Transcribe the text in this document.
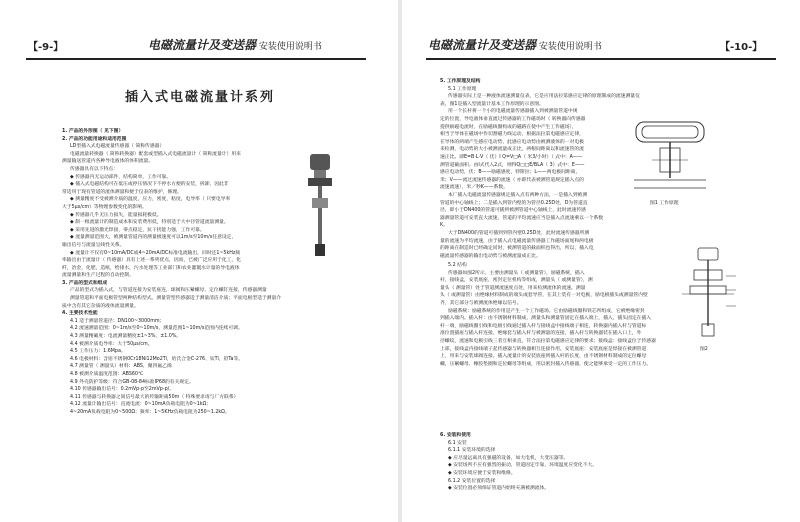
【-9-】	电磁流量计及变送器 安装使用说明书
插入式电磁流量计系列

1. 产品的外形图（ 见下图）

2. 产品的功能用途和适用范围

LD型插入式电磁流量传感器（ 简称传感器）

电磁流量转换器（ 简称转换器）配套或型插入式电磁流量计（ 简称流量计）用来

测量输送管道内各种导电液体的体积流量。

传感器具有以下特点：

◆ 传感器内无运动部件，结构简单，工作可靠。

◆ 插入式电磁结构可在低压或停压情况下不停水方便的安装，拆卸，因此非

常适用于现有管道的流体测量和便于仪表的维护，修理。

◆ 测量精度不受被测介质的温度，压力，密度，粘度，电导率（ 只要电导率

大于5μs/cm）等物理参数变化的影响。

◆ 传感器几乎无压力损失，能量损耗极低。

◆ 制一根流量计的制造成本和安装费用低，特别适于大中径管道流量测量。

◆ 采用先进的激光焊接，零点稳定，抗干扰能力强，工作可靠。

◆ 流量测量范围大，被测量管道内的测量极速度可以1m/s至10m/s任意设定，

输出信号与流量呈线性关系。

◆ 流量计不仅有0~10mA/DC或4~20mA/DC标准电流输出，同时还1~5kHz频

率输出由于流量计（ 传感器）具有上述一系列优点，因而，已被广泛应用于化工，化

纤，冶金，化肥，造纸，给排水，污水处理等工业部门和农业灌溉水计量的导电液体

流量测量和生产过程的自动控制。

3. 产品的型式和组成

产品的型式为插入式，与管道连接为安装座连，球阀和压紧螺母，定位螺钉连接，传感器测量

测量管道和平面电极管型两种结构型式。测量管型传感器适于测量清洁介质；平面电极型适于测量介

质中含有其它杂质的液体流量测量。

4. 主要技术性能

4.1 适于测量管道径：DN100~3000mm；

4.2 流速测量范围：0~1m/s至0~10m/s，测量范围1~10m/s范围内连续可调。

4.3 测量精确度：电流测量精度±1~3%，±1.0%。

4.4 被测介质电导率：大于50μs/cm。

4.5 工作压力：1.6Mpa。

4.6 电极材料：含钼不锈钢0Cr18Ni12Mo2Ti，哈氏合金C-276、钛Ti，钽Ta等。

4.7 测量管（ 测量头）材料：ABS，聚四氟乙烯

4.8 被测介质温度范围：ABS60℃

4.9 外壳防护等级：符合GB-08-84标准IP68的有关规定。

4.10 传感器输出信号：0.2mVp-p至2mVp-p/。

4.11 传感器与转换器之间信号最大的传输距离50m（ 特殊要求请与厂方联系）

4.12 流量计输出信号：直流电流：0~10mA负载电阻为0~1kΩ；

4~20mA负载电阻为0~500Ω；频率：1~5KHz负载电阻为250~1.2kΩ。

电磁流量计及变送器 安装使用说明书	【-10-】

5. 工作原理及结构

5.1 工作原理

传感器实际上是一种液体流速测量仪表，它是应用法拉第感应定律的原理制成的流速测量仪

表，图1是插入型流量计基本工作原理的示意图。

用一个长杆将一个小的电磁流量传感器插入到被测量管道中规

定的位置，导电液体垂直流过传感器的工作磁场时（ 转换器向传感器

提供励磁电流时，在励磁线圈构成的磁路在使中产生工作磁场），

相当于导体在磁场中作切割磁力线运动，根据法拉第电磁感应定律，

在导体的两端产生感应电动势，此感应电动势由被测液体的一对电极

来检测，电动势的大小被测流量成正比，两根间距离以和流速管的流

速正比。即E=B·L·V（ 伏）Ⅰ Q=V□A（ 米3/小时）（ 式中：A——

测管道截面积。由Ⅰ式代入2式，则得Q□□E/BLA（ 3）式中：E——

感应电动势，伏；B——励磁感度，特斯拉；L——两电极间距离，

米；V——流过流速传感器的流速（ 亦即代表被测管道规定插入点的

流速流速），米／秒K——系数。

本厂插入电磁流量传感器规定插入点有两种方法，一是插入到被测

管道的中心轴线上；二是插入到管内壁的为管径0.25D处，D为管道直

径，即小于DN400的管道可插到被测管道中心轴线上，此时流速传感

器测量管道可安装直大流速，管道的平均流速应当是插入点流速乘以一个系数

K。

大于DN400的管道可插到到管内壁0.25D处，此时流速传感器所测

量的流速为平均流速，由于插入式电磁流量传感器工作磁场面尾和两电极

的距离在制造时已经确定同时，被测管道的截面积也得出，所以，插入电

磁流量传感器的输出电动势与被测流量成正比。

5.2 结构

传感器如图2所示，主要由测量头（ 或测量管），励磁系统，插入

杆，接线盒，安装底座，密封定位机构等组成，测量头（ 或测量管），测

量头（ 测量管）处于管道测流速度点处，用来检测流体的流速。测量

头（ 或测量管）由绝缘材料制成的端头或套导管，在其上装有一对电极，励电极插头或测量管内壁

齐，其它部分与被测流体绝缘以信号。

励磁系统：励磁系统的作用是产生一个工作磁场。它由励磁线圈和铁芯所组成，它被绝缘密封

到插入端内。插入杆：由不锈钢材料制成，测量头和测量管固定在插入端上，插入，插头固定在插入

杆一端，励磁线圈引线和电极引线通过插入杆与接线盒中接线端子相连，转换器内插入杆与管道标

准位置插座与插入杆连接，绝缘套与插入杆与被测量的连接，插入杆与转换器装在插入口上，外

径螺纹，流速和电极引线三者互相垂直，符合法拉第电磁感应定律的要求；接线盒：接线盒位于传感器

上部，接线盒内接线端子起传感器与转换器相互连接作用。安装底座：安装底座是焊接在被测管道

上，用来与安装球阀连接。插入流量计的安装底座到插入杆的长度，由不锈钢材料制成的定位螺母

螺，压紧螺母，橡胶垫圈和定位螺母等组成，用以密封插入传感器，使之能够承受一定的工作压力。

6. 安装和使用

6.1 安装

6.1.1 安装环境的选择

◆ 应尽量远离具有强磁的设备，如大电机，大变压器等。

◆ 安装场所不应有强烈的振动，管道固定牢靠，环境温度应变化不大。

◆ 安装环境应便于安装和维修。

6.1.2 安装位置的选择

◆ 安装位置必须保证管道内始终充满被测流体。

图1 工作原理
图2
